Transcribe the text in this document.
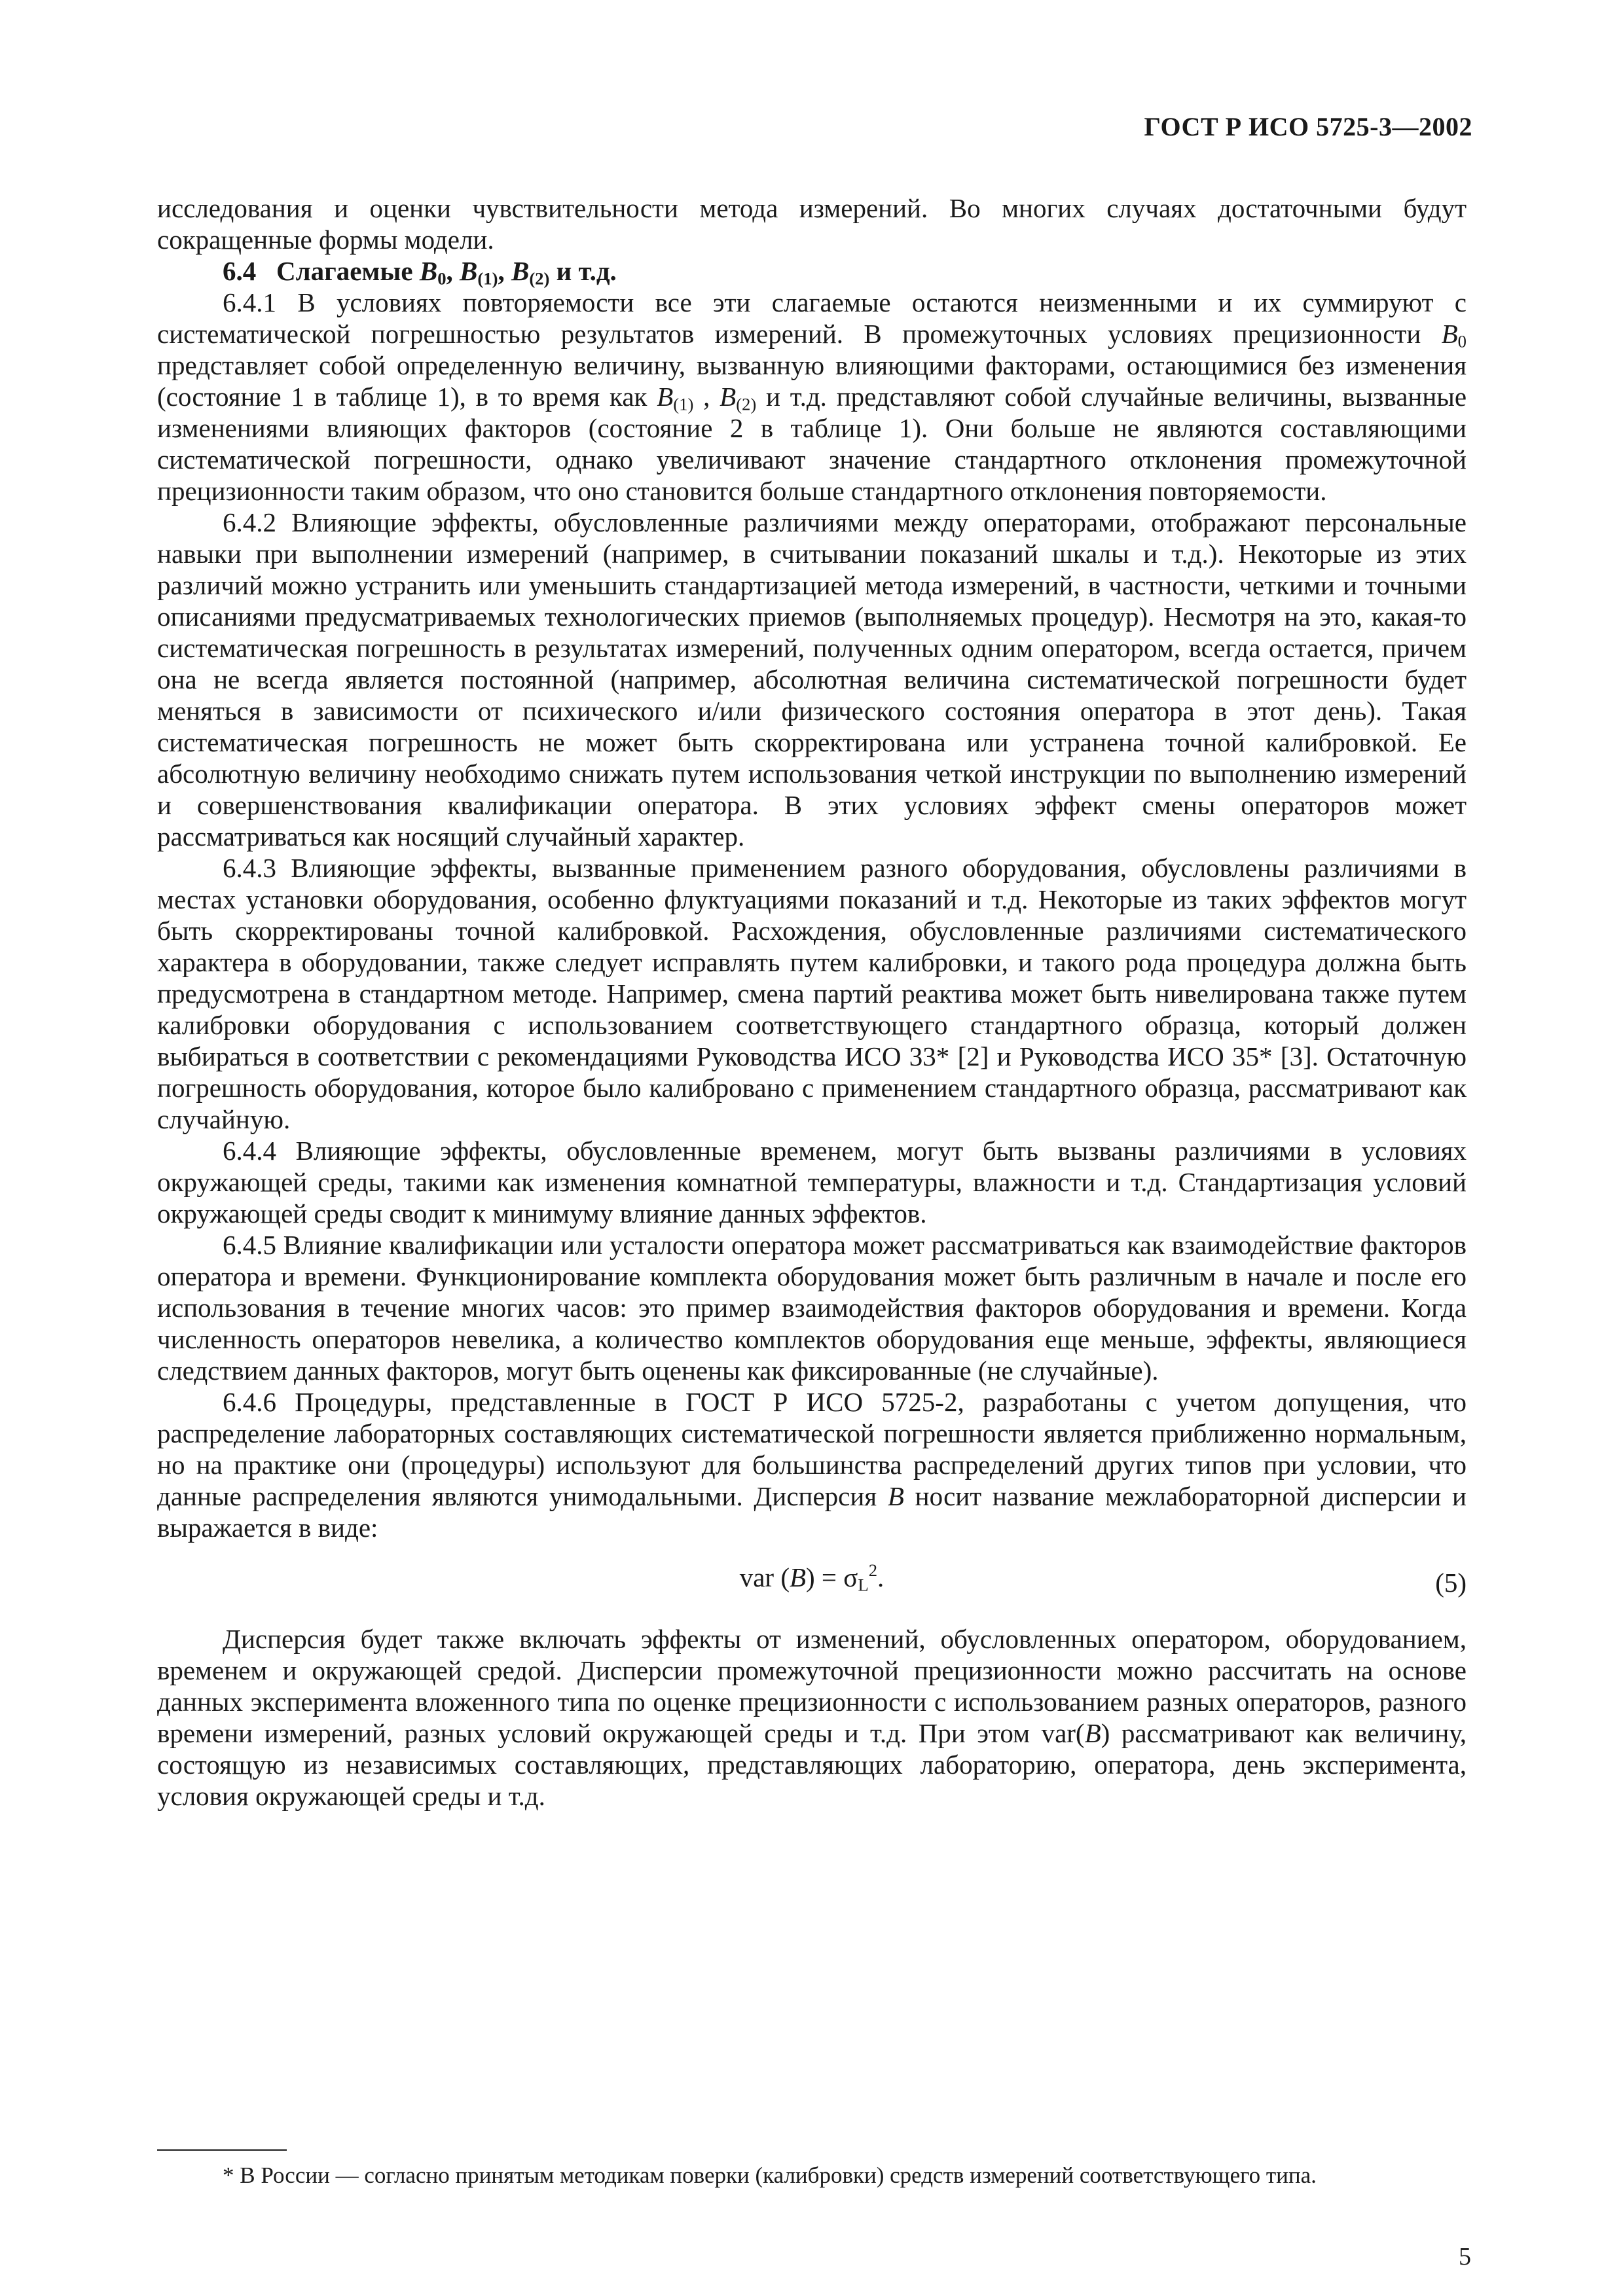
ГОСТ Р ИСО 5725-3—2002

исследования и оценки чувствительности метода измерений. Во многих случаях достаточными будут сокращенные формы модели.

6.4 Слагаемые $B_0$, $B_{(1)}$, $B_{(2)}$ и т.д.

6.4.1 В условиях повторяемости все эти слагаемые остаются неизменными и их суммируют с систематической погрешностью результатов измерений. В промежуточных условиях прецизионности $B_0$ представляет собой определенную величину, вызванную влияющими факторами, остающимися без изменения (состояние 1 в таблице 1), в то время как $B_{(1)}$ , $B_{(2)}$ и т.д. представляют собой случайные величины, вызванные изменениями влияющих факторов (состояние 2 в таблице 1). Они больше не являются составляющими систематической погрешности, однако увеличивают значение стандартного отклонения промежуточной прецизионности таким образом, что оно становится больше стандартного отклонения повторяемости.

6.4.2 Влияющие эффекты, обусловленные различиями между операторами, отображают персональные навыки при выполнении измерений (например, в считывании показаний шкалы и т.д.). Некоторые из этих различий можно устранить или уменьшить стандартизацией метода измерений, в частности, четкими и точными описаниями предусматриваемых технологических приемов (выполняемых процедур). Несмотря на это, какая-то систематическая погрешность в результатах измерений, полученных одним оператором, всегда остается, причем она не всегда является постоянной (например, абсолютная величина систематической погрешности будет меняться в зависимости от психического и/или физического состояния оператора в этот день). Такая систематическая погрешность не может быть скорректирована или устранена точной калибровкой. Ее абсолютную величину необходимо снижать путем использования четкой инструкции по выполнению измерений и совершенствования квалификации оператора. В этих условиях эффект смены операторов может рассматриваться как носящий случайный характер.

6.4.3 Влияющие эффекты, вызванные применением разного оборудования, обусловлены различиями в местах установки оборудования, особенно флуктуациями показаний и т.д. Некоторые из таких эффектов могут быть скорректированы точной калибровкой. Расхождения, обусловленные различиями систематического характера в оборудовании, также следует исправлять путем калибровки, и такого рода процедура должна быть предусмотрена в стандартном методе. Например, смена партий реактива может быть нивелирована также путем калибровки оборудования с использованием соответствующего стандартного образца, который должен выбираться в соответствии с рекомендациями Руководства ИСО 33* [2] и Руководства ИСО 35* [3]. Остаточную погрешность оборудования, которое было калибровано с применением стандартного образца, рассматривают как случайную.

6.4.4 Влияющие эффекты, обусловленные временем, могут быть вызваны различиями в условиях окружающей среды, такими как изменения комнатной температуры, влажности и т.д. Стандартизация условий окружающей среды сводит к минимуму влияние данных эффектов.

6.4.5 Влияние квалификации или усталости оператора может рассматриваться как взаимодействие факторов оператора и времени. Функционирование комплекта оборудования может быть различным в начале и после его использования в течение многих часов: это пример взаимодействия факторов оборудования и времени. Когда численность операторов невелика, а количество комплектов оборудования еще меньше, эффекты, являющиеся следствием данных факторов, могут быть оценены как фиксированные (не случайные).

6.4.6 Процедуры, представленные в ГОСТ Р ИСО 5725-2, разработаны с учетом допущения, что распределение лабораторных составляющих систематической погрешности является приближенно нормальным, но на практике они (процедуры) используют для большинства распределений других типов при условии, что данные распределения являются унимодальными. Дисперсия B носит название межлабораторной дисперсии и выражается в виде:

var $(B) = \sigma_L^2$.	(5)

Дисперсия будет также включать эффекты от изменений, обусловленных оператором, оборудованием, временем и окружающей средой. Дисперсии промежуточной прецизионности можно рассчитать на основе данных эксперимента вложенного типа по оценке прецизионности с использованием разных операторов, разного времени измерений, разных условий окружающей среды и т.д. При этом var(B) рассматривают как величину, состоящую из независимых составляющих, представляющих лабораторию, оператора, день эксперимента, условия окружающей среды и т.д.

* В России — согласно принятым методикам поверки (калибровки) средств измерений соответствующего типа.

5
